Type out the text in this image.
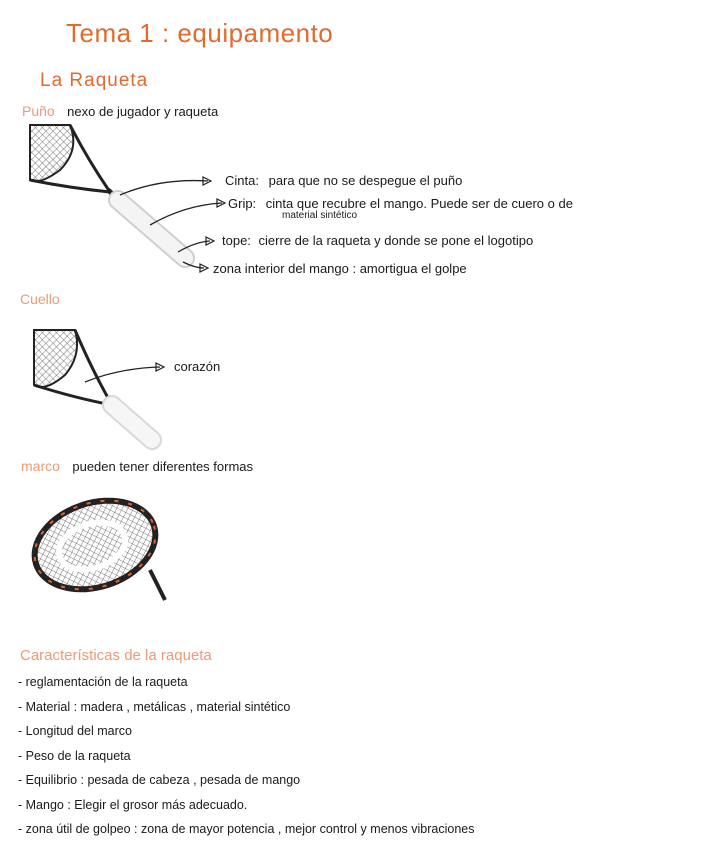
Tema 1 : equipamento
La Raqueta
Puño nexo de jugador y raqueta
Cinta: para que no se despegue el puño
Grip: cinta que recubre el mango. Puede ser de cuero o de
material sintético
tope: cierre de la raqueta y donde se pone el logotipo
zona interior del mango : amortigua el golpe
Cuello
corazón
marco pueden tener diferentes formas
Características de la raqueta
- reglamentación de la raqueta
- Material : madera , metálicas , material sintético
- Longitud del marco
- Peso de la raqueta
- Equilibrio : pesada de cabeza , pesada de mango
- Mango : Elegir el grosor más adecuado.
- zona útil de golpeo : zona de mayor potencia , mejor control y menos vibraciones
